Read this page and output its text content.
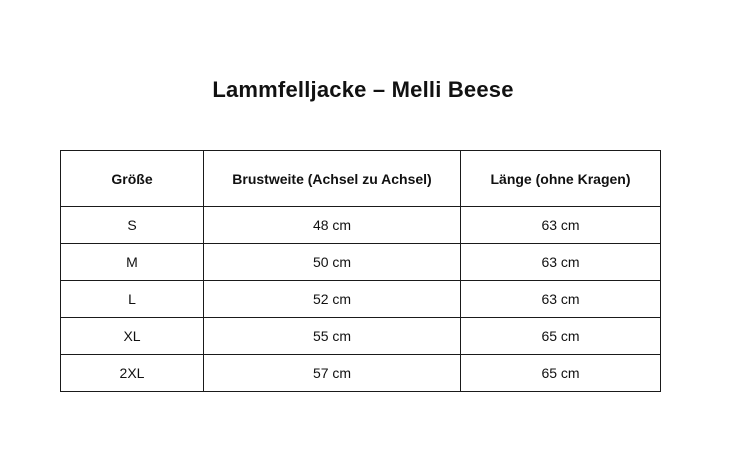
Lammfelljacke – Melli Beese
Größe	Brustweite (Achsel zu Achsel)	Länge (ohne Kragen)
S	48 cm	63 cm
M	50 cm	63 cm
L	52 cm	63 cm
XL	55 cm	65 cm
2XL	57 cm	65 cm
